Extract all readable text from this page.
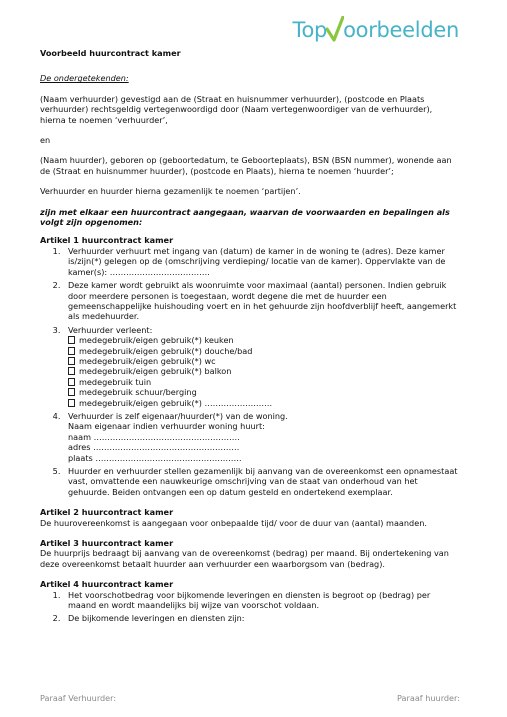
Top oorbeelden

Voorbeeld huurcontract kamer

De ondergetekenden:

(Naam verhuurder) gevestigd aan de (Straat en huisnummer verhuurder), (postcode en Plaats verhuurder) rechtsgeldig vertegenwoordigd door (Naam vertegenwoordiger van de verhuurder), hierna te noemen ‘verhuurder’,

en

(Naam huurder), geboren op (geboortedatum, te Geboorteplaats), BSN (BSN nummer), wonende aan de (Straat en huisnummer huurder), (postcode en Plaats), hierna te noemen ‘huurder’;

Verhuurder en huurder hierna gezamenlijk te noemen ‘partijen’.

zijn met elkaar een huurcontract aangegaan, waarvan de voorwaarden en bepalingen als volgt zijn opgenomen:

Artikel 1 huurcontract kamer

1. Verhuurder verhuurt met ingang van (datum) de kamer in de woning te (adres). Deze kamer is/zijn(*) gelegen op de (omschrijving verdieping/ locatie van de kamer). Oppervlakte van de kamer(s): ……………………………….
2. Deze kamer wordt gebruikt als woonruimte voor maximaal (aantal) personen. Indien gebruik door meerdere personen is toegestaan, wordt degene die met de huurder een gemeenschappelijke huishouding voert en in het gehuurde zijn hoofdverblijf heeft, aangemerkt als medehuurder.
3. Verhuurder verleent:
medegebruik/eigen gebruik(*) keuken
medegebruik/eigen gebruik(*) douche/bad
medegebruik/eigen gebruik(*) wc
medegebruik/eigen gebruik(*) balkon
medegebruik tuin
medegebruik schuur/berging
medegebruik/eigen gebruik(*) …………………….
4. Verhuurder is zelf eigenaar/huurder(*) van de woning.
Naam eigenaar indien verhuurder woning huurt:
naam ………………………………………………
adres ………………………………………………
plaats ………………………………………………
5. Huurder en verhuurder stellen gezamenlijk bij aanvang van de overeenkomst een opnamestaat vast, omvattende een nauwkeurige omschrijving van de staat van onderhoud van het gehuurde. Beiden ontvangen een op datum gesteld en ondertekend exemplaar.

Artikel 2 huurcontract kamer

De huurovereenkomst is aangegaan voor onbepaalde tijd/ voor de duur van (aantal) maanden.

Artikel 3 huurcontract kamer

De huurprijs bedraagt bij aanvang van de overeenkomst (bedrag) per maand. Bij ondertekening van deze overeenkomst betaalt huurder aan verhuurder een waarborgsom van (bedrag).

Artikel 4 huurcontract kamer

1. Het voorschotbedrag voor bijkomende leveringen en diensten is begroot op (bedrag) per maand en wordt maandelijks bij wijze van voorschot voldaan.
2. De bijkomende leveringen en diensten zijn:
Paraaf Verhuurder:	Paraaf huurder:
